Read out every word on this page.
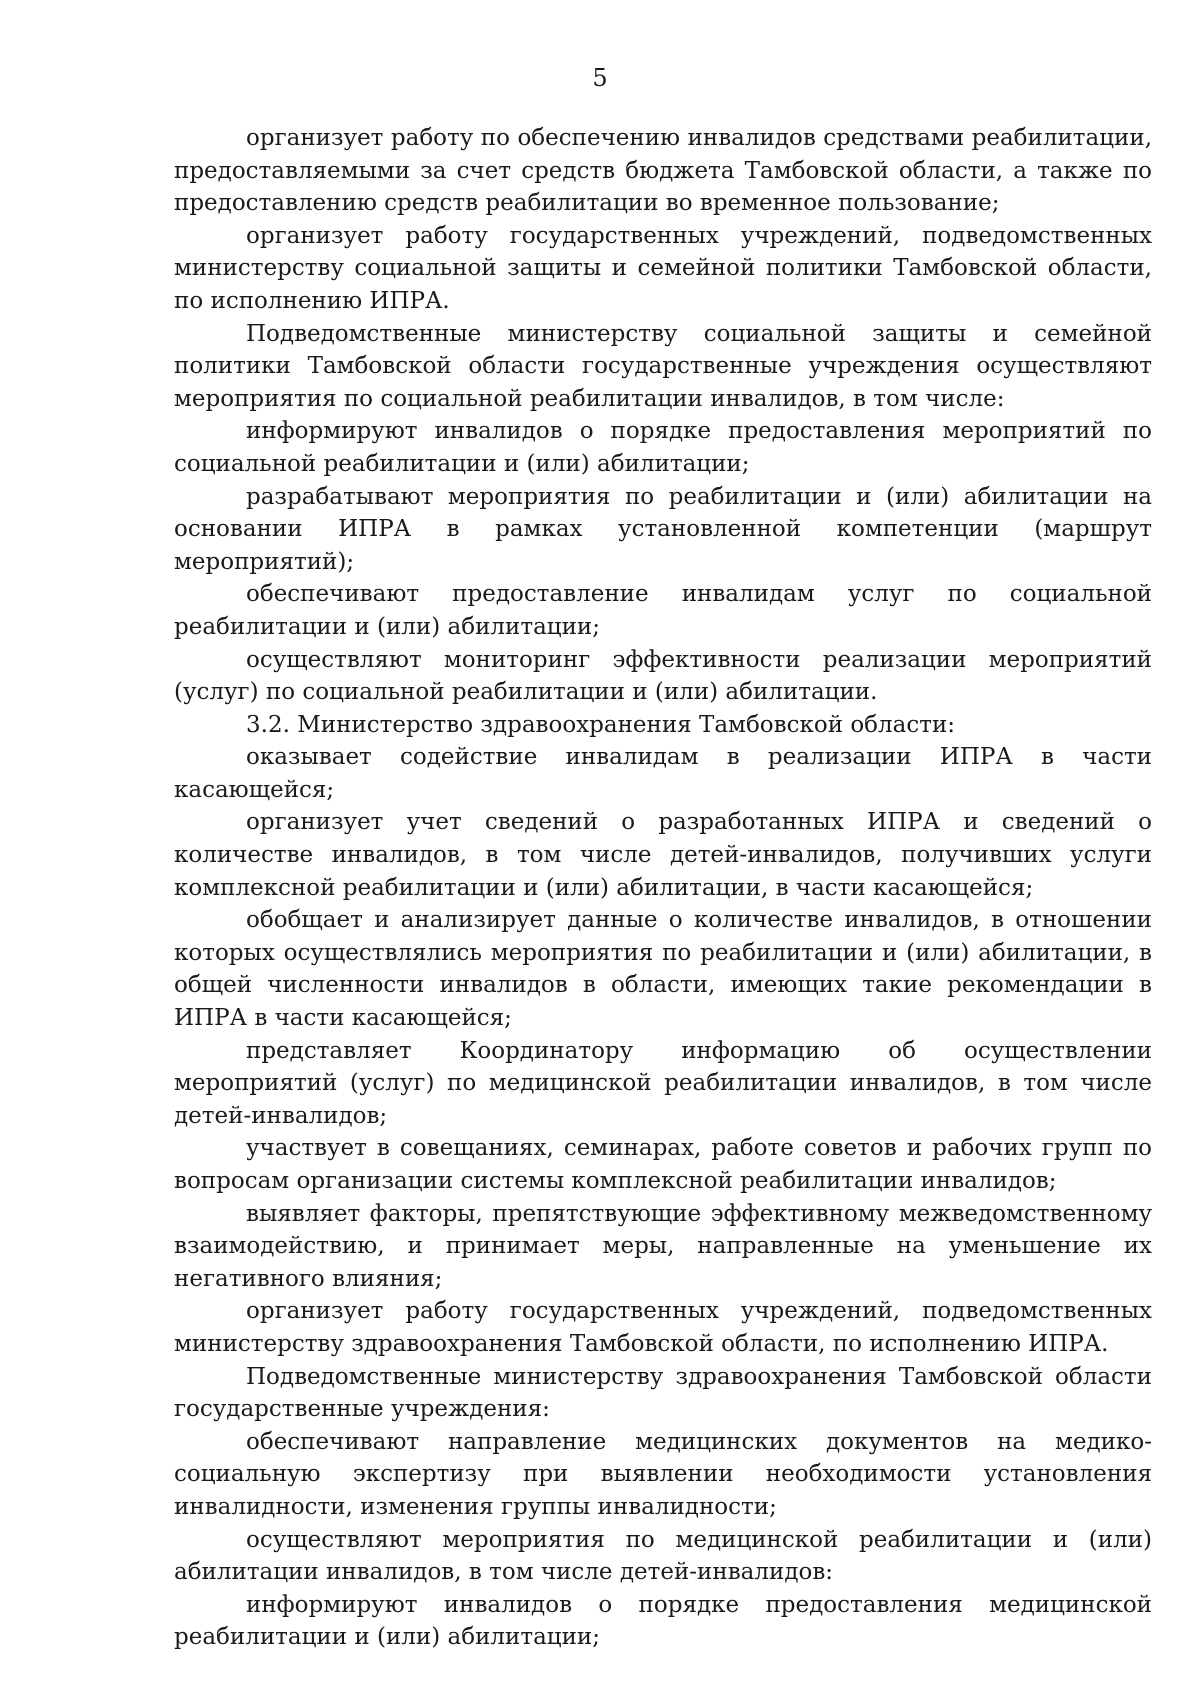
5

организует работу по обеспечению инвалидов средствами реабилитации, предоставляемыми за счет средств бюджета Тамбовской области, а также по предоставлению средств реабилитации во временное пользование;

организует работу государственных учреждений, подведомственных министерству социальной защиты и семейной политики Тамбовской области, по исполнению ИПРА.

Подведомственные министерству социальной защиты и семейной политики Тамбовской области государственные учреждения осуществляют мероприятия по социальной реабилитации инвалидов, в том числе:

информируют инвалидов о порядке предоставления мероприятий по социальной реабилитации и (или) абилитации;

разрабатывают мероприятия по реабилитации и (или) абилитации на основании ИПРА в рамках установленной компетенции (маршрут мероприятий);

обеспечивают предоставление инвалидам услуг по социальной реабилитации и (или) абилитации;

осуществляют мониторинг эффективности реализации мероприятий (услуг) по социальной реабилитации и (или) абилитации.

3.2. Министерство здравоохранения Тамбовской области:

оказывает содействие инвалидам в реализации ИПРА в части касающейся;

организует учет сведений о разработанных ИПРА и сведений о количестве инвалидов, в том числе детей-инвалидов, получивших услуги комплексной реабилитации и (или) абилитации, в части касающейся;

обобщает и анализирует данные о количестве инвалидов, в отношении которых осуществлялись мероприятия по реабилитации и (или) абилитации, в общей численности инвалидов в области, имеющих такие рекомендации в ИПРА в части касающейся;

представляет Координатору информацию об осуществлении мероприятий (услуг) по медицинской реабилитации инвалидов, в том числе детей-инвалидов;

участвует в совещаниях, семинарах, работе советов и рабочих групп по вопросам организации системы комплексной реабилитации инвалидов;

выявляет факторы, препятствующие эффективному межведомственному взаимодействию, и принимает меры, направленные на уменьшение их негативного влияния;

организует работу государственных учреждений, подведомственных министерству здравоохранения Тамбовской области, по исполнению ИПРА.

Подведомственные министерству здравоохранения Тамбовской области государственные учреждения:

обеспечивают направление медицинских документов на медико-социальную экспертизу при выявлении необходимости установления инвалидности, изменения группы инвалидности;

осуществляют мероприятия по медицинской реабилитации и (или) абилитации инвалидов, в том числе детей-инвалидов:

информируют инвалидов о порядке предоставления медицинской реабилитации и (или) абилитации;
